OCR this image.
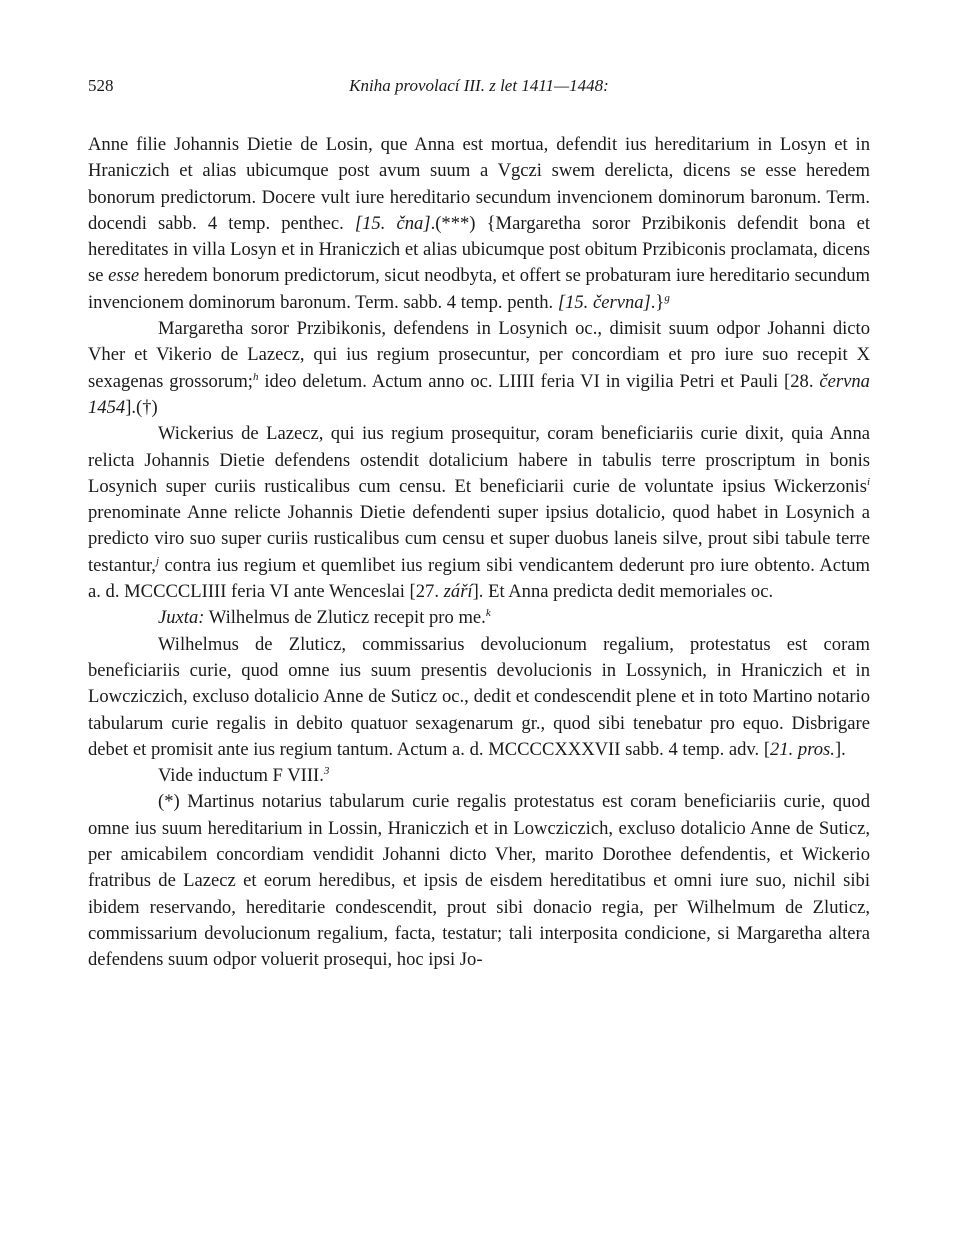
528	Kniha provolací III. z let 1411—1448:

Anne filie Johannis Dietie de Losin, que Anna est mortua, defendit ius hereditarium in Losyn et in Hraniczich et alias ubicumque post avum suum a Vgczi swem derelicta, dicens se esse heredem bonorum predictorum. Docere vult iure hereditario secundum invencionem dominorum baronum. Term. docendi sabb. 4 temp. penthec. [15. čna].(***) {Margaretha soror Przibikonis defendit bona et hereditates in villa Losyn et in Hraniczich et alias ubicumque post obitum Przibiconis proclamata, dicens se esse heredem bonorum predictorum, sicut neodbyta, et offert se probaturam iure hereditario secundum invencionem dominorum baronum. Term. sabb. 4 temp. penth. [15. června].}$^g$

Margaretha soror Przibikonis, defendens in Losynich oc., dimisit suum odpor Johanni dicto Vher et Vikerio de Lazecz, qui ius regium prosecuntur, per concordiam et pro iure suo recepit X sexagenas grossorum;$^h$ ideo deletum. Actum anno oc. LIIII feria VI in vigilia Petri et Pauli [28. června 1454].(†)

Wickerius de Lazecz, qui ius regium prosequitur, coram beneficiariis curie dixit, quia Anna relicta Johannis Dietie defendens ostendit dotalicium habere in tabulis terre proscriptum in bonis Losynich super curiis rusticalibus cum censu. Et beneficiarii curie de voluntate ipsius Wickerzonis$^i$ prenominate Anne relicte Johannis Dietie defendenti super ipsius dotalicio, quod habet in Losynich a predicto viro suo super curiis rusticalibus cum censu et super duobus laneis silve, prout sibi tabule terre testantur,$^j$ contra ius regium et quemlibet ius regium sibi vendicantem dederunt pro iure obtento. Actum a. d. MCCCCLIIII feria VI ante Wenceslai [27. září]. Et Anna predicta dedit memoriales oc.

Juxta: Wilhelmus de Zluticz recepit pro me.$^k$

Wilhelmus de Zluticz, commissarius devolucionum regalium, protestatus est coram beneficiariis curie, quod omne ius suum presentis devolucionis in Lossynich, in Hraniczich et in Lowcziczich, excluso dotalicio Anne de Suticz oc., dedit et condescendit plene et in toto Martino notario tabularum curie regalis in debito quatuor sexagenarum gr., quod sibi tenebatur pro equo. Disbrigare debet et promisit ante ius regium tantum. Actum a. d. MCCCCXXXVII sabb. 4 temp. adv. [21. pros.].

Vide inductum F VIII.$^3$

(*) Martinus notarius tabularum curie regalis protestatus est coram beneficiariis curie, quod omne ius suum hereditarium in Lossin, Hraniczich et in Lowcziczich, excluso dotalicio Anne de Suticz, per amicabilem concordiam vendidit Johanni dicto Vher, marito Dorothee defendentis, et Wickerio fratribus de Lazecz et eorum heredibus, et ipsis de eisdem hereditatibus et omni iure suo, nichil sibi ibidem reservando, hereditarie condescendit, prout sibi donacio regia, per Wilhelmum de Zluticz, commissarium devolucionum regalium, facta, testatur; tali interposita condicione, si Margaretha altera defendens suum odpor voluerit prosequi, hoc ipsi Jo-
